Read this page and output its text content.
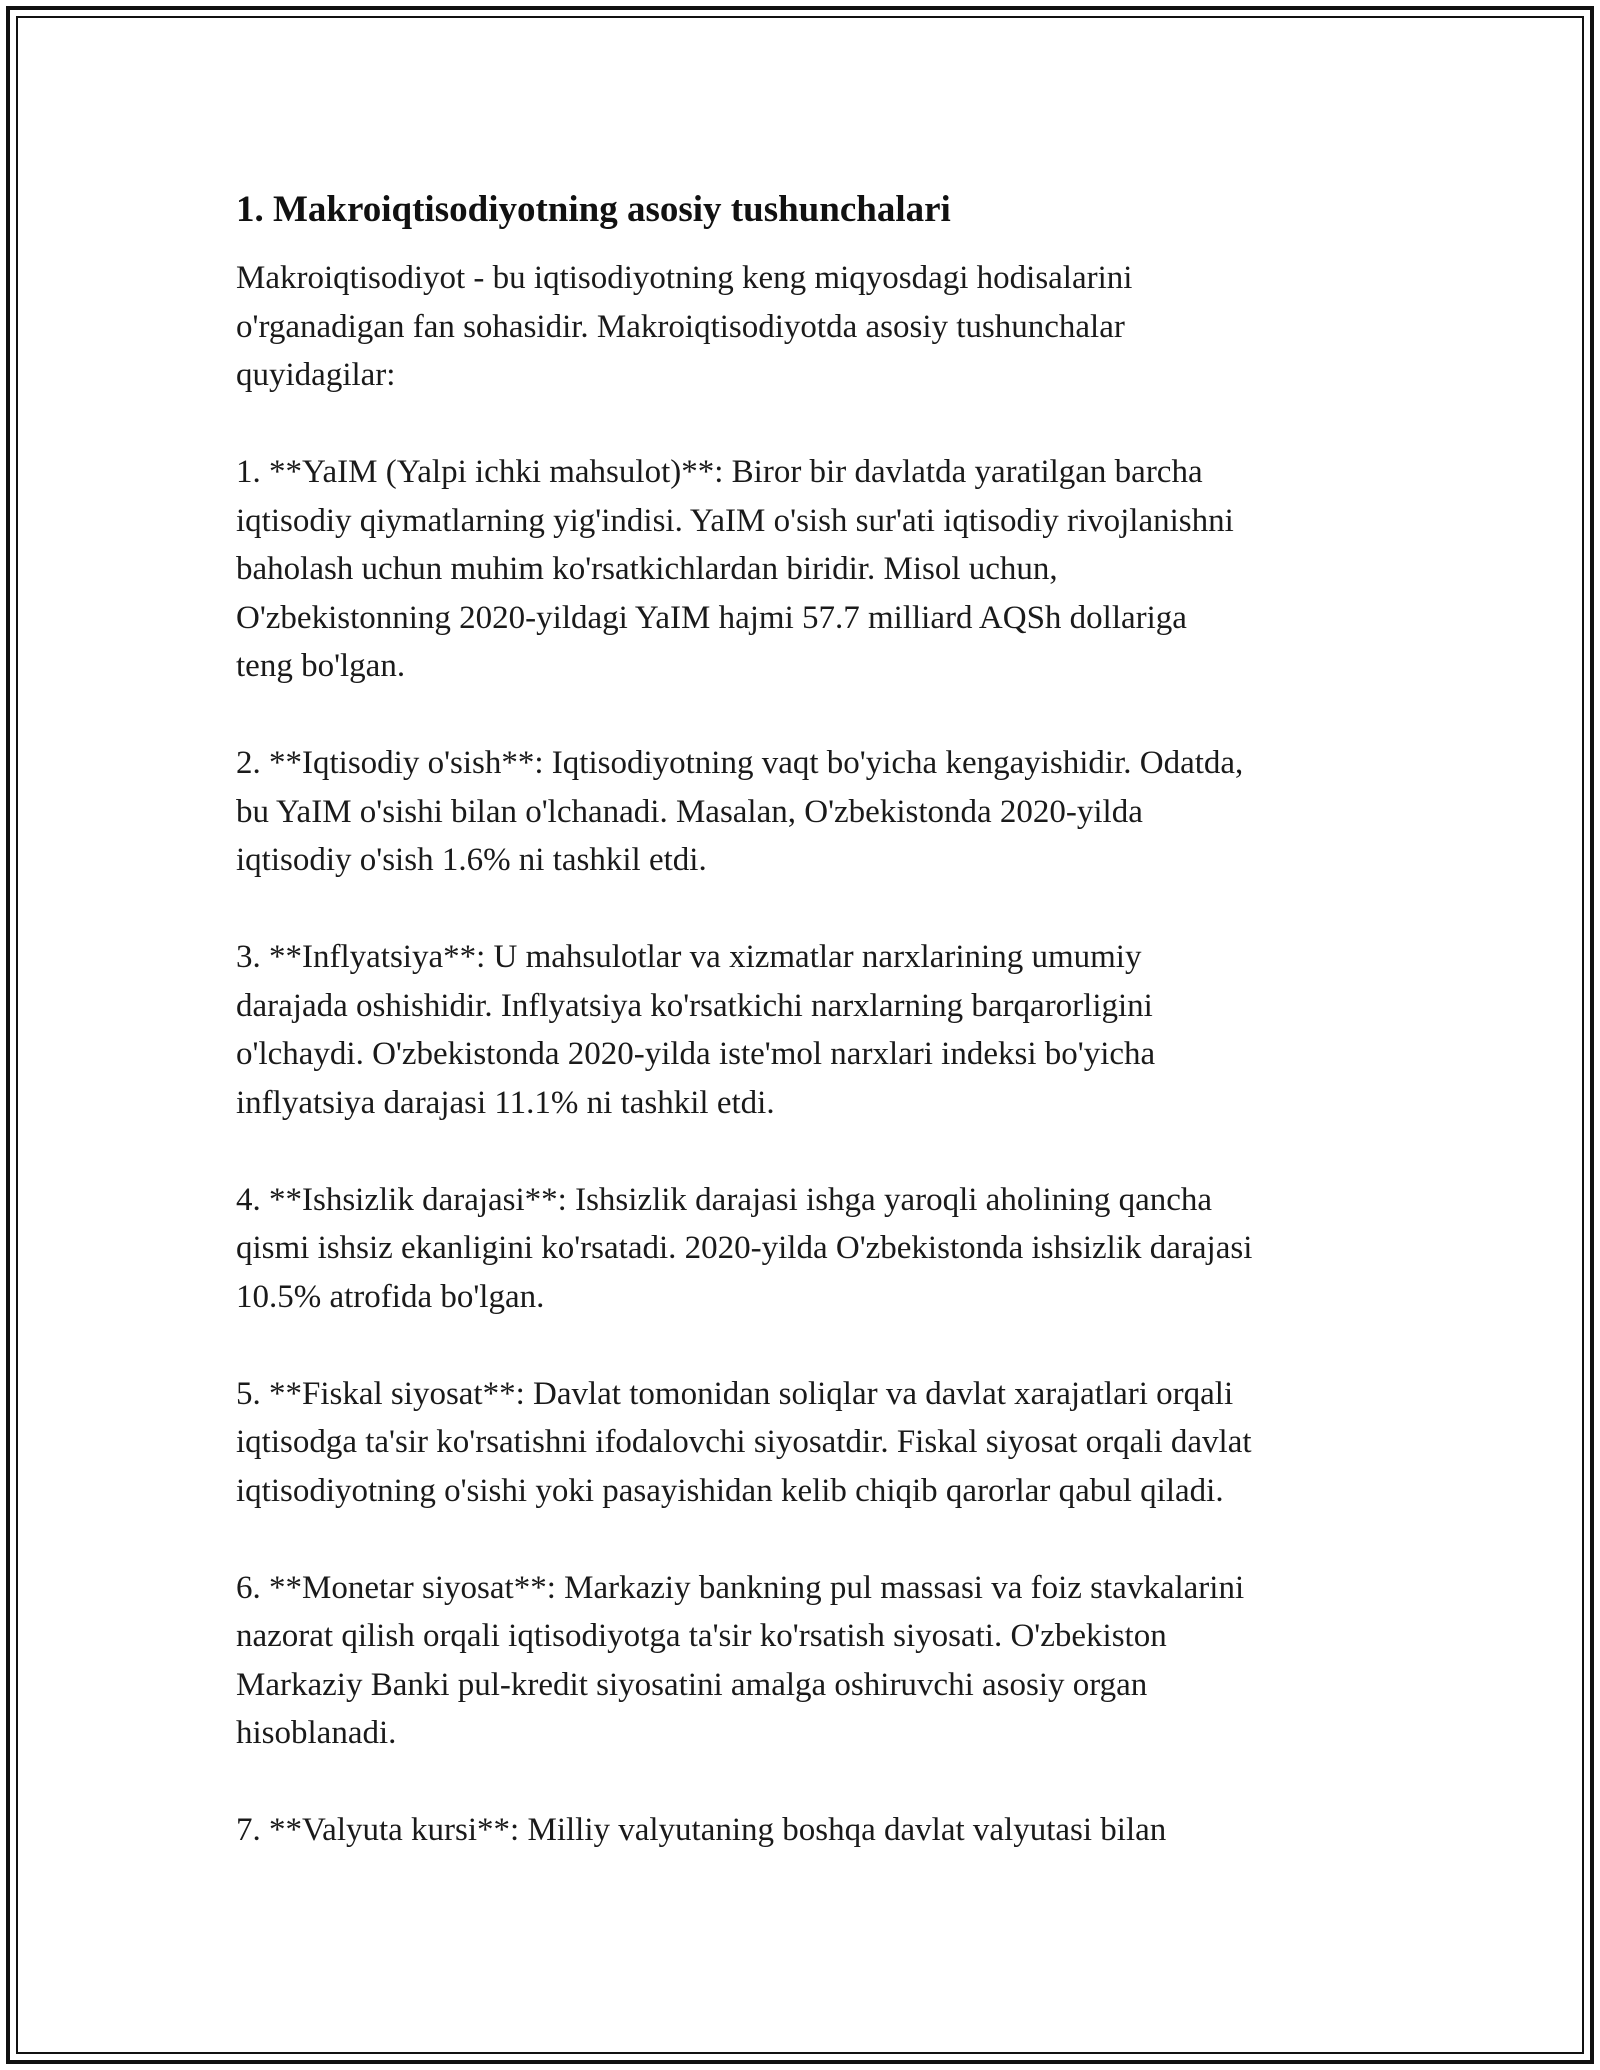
1. Makroiqtisodiyotning asosiy tushunchalari

Makroiqtisodiyot - bu iqtisodiyotning keng miqyosdagi hodisalarini
o'rganadigan fan sohasidir. Makroiqtisodiyotda asosiy tushunchalar
quyidagilar:

1. **YaIM (Yalpi ichki mahsulot)**: Biror bir davlatda yaratilgan barcha
iqtisodiy qiymatlarning yig'indisi. YaIM o'sish sur'ati iqtisodiy rivojlanishni
baholash uchun muhim ko'rsatkichlardan biridir. Misol uchun,
O'zbekistonning 2020-yildagi YaIM hajmi 57.7 milliard AQSh dollariga
teng bo'lgan.

2. **Iqtisodiy o'sish**: Iqtisodiyotning vaqt bo'yicha kengayishidir. Odatda,
bu YaIM o'sishi bilan o'lchanadi. Masalan, O'zbekistonda 2020-yilda
iqtisodiy o'sish 1.6% ni tashkil etdi.

3. **Inflyatsiya**: U mahsulotlar va xizmatlar narxlarining umumiy
darajada oshishidir. Inflyatsiya ko'rsatkichi narxlarning barqarorligini
o'lchaydi. O'zbekistonda 2020-yilda iste'mol narxlari indeksi bo'yicha
inflyatsiya darajasi 11.1% ni tashkil etdi.

4. **Ishsizlik darajasi**: Ishsizlik darajasi ishga yaroqli aholining qancha
qismi ishsiz ekanligini ko'rsatadi. 2020-yilda O'zbekistonda ishsizlik darajasi
10.5% atrofida bo'lgan.

5. **Fiskal siyosat**: Davlat tomonidan soliqlar va davlat xarajatlari orqali
iqtisodga ta'sir ko'rsatishni ifodalovchi siyosatdir. Fiskal siyosat orqali davlat
iqtisodiyotning o'sishi yoki pasayishidan kelib chiqib qarorlar qabul qiladi.

6. **Monetar siyosat**: Markaziy bankning pul massasi va foiz stavkalarini
nazorat qilish orqali iqtisodiyotga ta'sir ko'rsatish siyosati. O'zbekiston
Markaziy Banki pul-kredit siyosatini amalga oshiruvchi asosiy organ
hisoblanadi.

7. **Valyuta kursi**: Milliy valyutaning boshqa davlat valyutasi bilan
